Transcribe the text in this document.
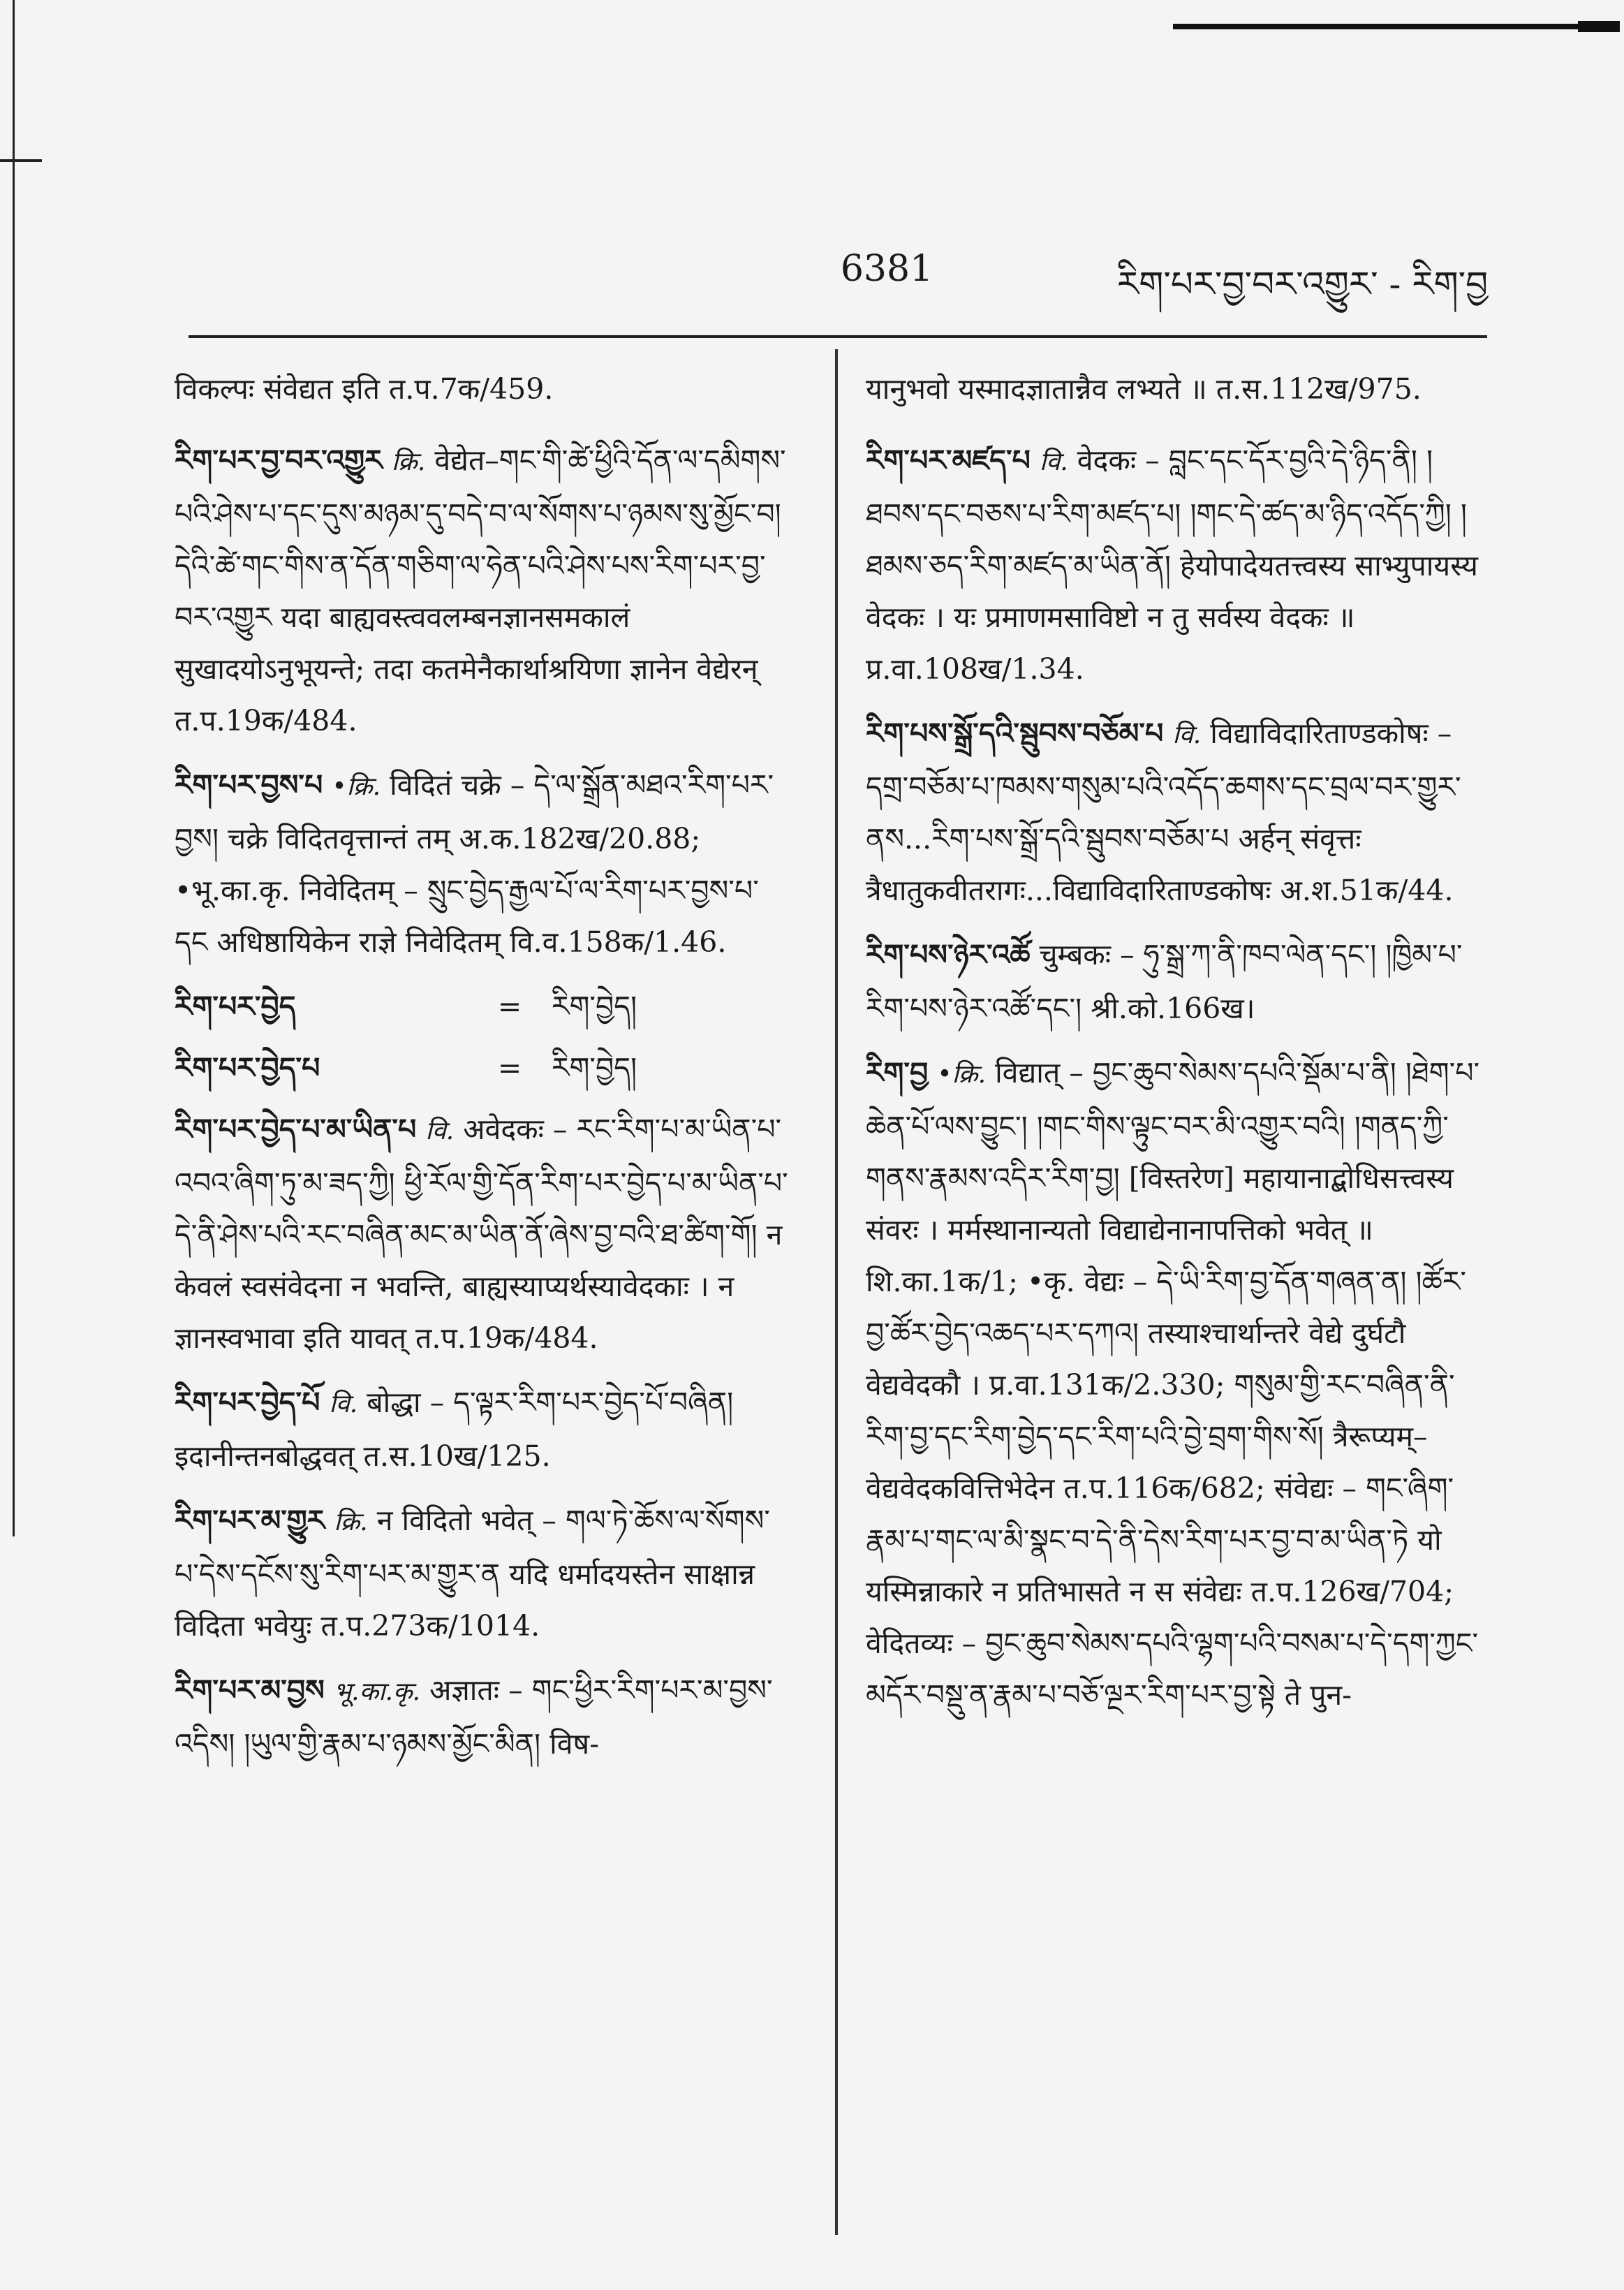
6381	རིག་པར་བྱ་བར་འགྱུར་ - རིག་བྱ

विकल्पः संवेद्यत इति त.प.7क/459.

རིག་པར་བྱ་བར་འགྱུར क्रि. वेद्येत–གང་གི་ཚེ་ཕྱིའི་དོན་ལ་དམིགས་པའི་ཤེས་པ་དང་དུས་མཉམ་དུ་བདེ་བ་ལ་སོགས་པ་ཉམས་སུ་མྱོང་བ། དེའི་ཚེ་གང་གིས་ན་དོན་གཅིག་ལ་ཧེན་པའི་ཤེས་པས་རིག་པར་བྱ་བར་འགྱུར यदा बाह्यवस्त्ववलम्बनज्ञानसमकालं सुखादयोऽनुभूयन्ते; तदा कतमेनैकार्थाश्रयिणा ज्ञानेन वेद्येरन् त.प.19क/484.

རིག་པར་བྱས་པ •क्रि. विदितं चक्रे – དེ་ལ་སྒྲོན་མཐའ་རིག་པར་བྱས། चक्रे विदितवृत्तान्तं तम् अ.क.182ख/20.88; •भू.का.कृ. निवेदितम् – སྲུང་བྱེད་རྒྱལ་པོ་ལ་རིག་པར་བྱས་པ་དང अधिष्ठायिकेन राज्ञे निवेदितम् वि.व.158क/1.46.

རིག་པར་བྱེད	=	རིག་བྱེད།
རིག་པར་བྱེད་པ	=	རིག་བྱེད།

རིག་པར་བྱེད་པ་མ་ཡིན་པ वि. अवेदकः – རང་རིག་པ་མ་ཡིན་པ་འབའ་ཞིག་ཏུ་མ་ཟད་ཀྱི། ཕྱི་རོལ་གྱི་དོན་རིག་པར་བྱེད་པ་མ་ཡིན་པ་དེ་ནི་ཤེས་པའི་རང་བཞིན་མང་མ་ཡིན་ནོ་ཞེས་བྱ་བའི་ཐ་ཚིག་གོ། न केवलं स्वसंवेदना न भवन्ति, बाह्यस्याप्यर्थस्यावेदकाः । न ज्ञानस्वभावा इति यावत् त.प.19क/484.

རིག་པར་བྱེད་པོ वि. बोद्धा – ད་ལྟར་རིག་པར་བྱེད་པོ་བཞིན། इदानीन्तनबोद्धवत् त.स.10ख/125.

རིག་པར་མ་གྱུར क्रि. न विदितो भवेत् – གལ་ཏེ་ཆོས་ལ་སོགས་པ་དེས་དངོས་སུ་རིག་པར་མ་གྱུར་ན यदि धर्मादयस्तेन साक्षान्न विदिता भवेयुः त.प.273क/1014.

རིག་པར་མ་བྱས भू.का.कृ. अज्ञातः – གང་ཕྱིར་རིག་པར་མ་བྱས་འདིས། །ཡུལ་གྱི་རྣམ་པ་ཉམས་མྱོང་མིན། विष-

यानुभवो यस्मादज्ञातान्नैव लभ्यते ॥ त.स.112ख/975.

རིག་པར་མཛད་པ वि. वेदकः – བླང་དང་དོར་བྱའི་དེ་ཉིད་ནི། །ཐབས་དང་བཅས་པ་རིག་མཛད་པ། །གང་དེ་ཚད་མ་ཉིད་འདོད་ཀྱི། །ཐམས་ཅད་རིག་མཛད་མ་ཡིན་ནོ། हेयोपादेयतत्त्वस्य साभ्युपायस्य वेदकः । यः प्रमाणमसाविष्टो न तु सर्वस्य वेदकः ॥ प्र.वा.108ख/1.34.

རིག་པས་སྒྲོ་དའི་སྦུབས་བཅོམ་པ वि. विद्याविदारिताण्डकोषः – དགྲ་བཅོམ་པ་ཁམས་གསུམ་པའི་འདོད་ཆགས་དང་བྲལ་བར་གྱུར་ནས...རིག་པས་སྒྲོ་དའི་སྦུབས་བཅོམ་པ अर्हन् संवृत्तः त्रैधातुकवीतरागः...विद्याविदारिताण्डकोषः अ.श.51क/44.

རིག་པས་ཉེར་འཚོ चुम्बकः – ཧུ་སྒྲ་ཀ་ནི་ཁབ་ལེན་དང་། །ཁྱིམ་པ་རིག་པས་ཉེར་འཚོ་དང་། श्री.को.166ख।

རིག་བྱ •क्रि. विद्यात् – བྱང་ཆུབ་སེམས་དཔའི་སྡོམ་པ་ནི། །ཐེག་པ་ཆེན་པོ་ལས་བྱུང་། །གང་གིས་ལྟུང་བར་མི་འགྱུར་བའི། །གནད་ཀྱི་གནས་རྣམས་འདིར་རིག་བྱ། [विस्तरेण] महायानाद्बोधिसत्त्वस्य संवरः । मर्मस्थानान्यतो विद्याद्येनानापत्तिको भवेत् ॥ शि.का.1क/1; •कृ. वेद्यः – དེ་ཡི་རིག་བྱ་དོན་གཞན་ན། །ཚོར་བྱ་ཚོར་བྱེད་འཆད་པར་དཀའ། तस्याश्चार्थान्तरे वेद्ये दुर्घटौ वेद्यवेदकौ । प्र.वा.131क/2.330; གསུམ་གྱི་རང་བཞིན་ནི་རིག་བྱ་དང་རིག་བྱེད་དང་རིག་པའི་བྱེ་བྲག་གིས་སོ། त्रैरूप्यम्–वेद्यवेदकवित्तिभेदेन त.प.116क/682; संवेद्यः – གང་ཞིག་རྣམ་པ་གང་ལ་མི་སྣང་བ་དེ་ནི་དེས་རིག་པར་བྱ་བ་མ་ཡིན་ཏེ यो यस्मिन्नाकारे न प्रतिभासते न स संवेद्यः त.प.126ख/704; वेदितव्यः – བྱང་ཆུབ་སེམས་དཔའི་ལྷག་པའི་བསམ་པ་དེ་དག་ཀྱང་མདོར་བསྡུ་ན་རྣམ་པ་བཅོ་ལྔར་རིག་པར་བྱ་སྟེ ते पुन-
